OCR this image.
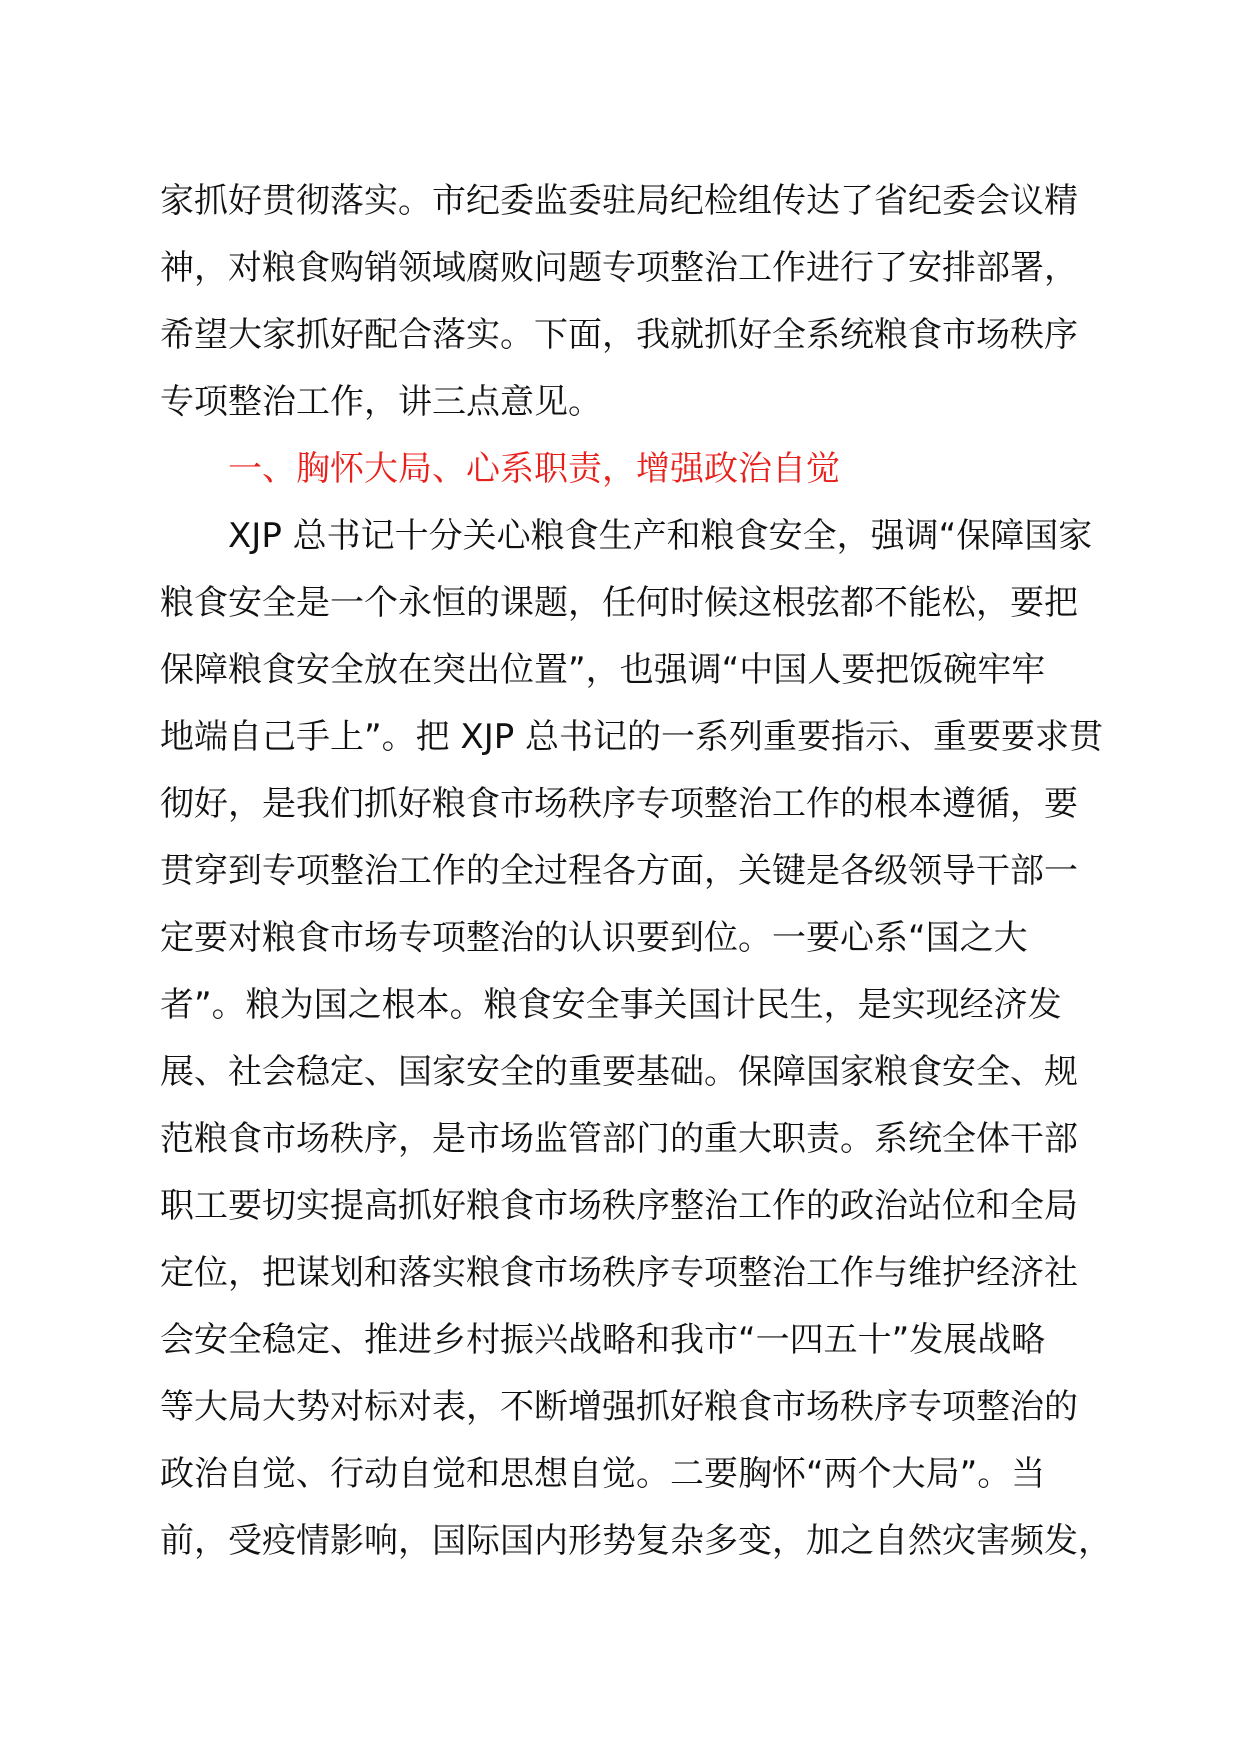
家抓好贯彻落实。市纪委监委驻局纪检组传达了省纪委会议精
神，对粮食购销领域腐败问题专项整治工作进行了安排部署，
希望大家抓好配合落实。下面，我就抓好全系统粮食市场秩序
专项整治工作，讲三点意见。
一、胸怀大局、心系职责，增强政治自觉
XJP 总书记十分关心粮食生产和粮食安全，强调“保障国家
粮食安全是一个永恒的课题，任何时候这根弦都不能松，要把
保障粮食安全放在突出位置”，也强调“中国人要把饭碗牢牢
地端自己手上”。把 XJP 总书记的一系列重要指示、重要要求贯
彻好，是我们抓好粮食市场秩序专项整治工作的根本遵循，要
贯穿到专项整治工作的全过程各方面，关键是各级领导干部一
定要对粮食市场专项整治的认识要到位。一要心系“国之大
者”。粮为国之根本。粮食安全事关国计民生，是实现经济发
展、社会稳定、国家安全的重要基础。保障国家粮食安全、规
范粮食市场秩序，是市场监管部门的重大职责。系统全体干部
职工要切实提高抓好粮食市场秩序整治工作的政治站位和全局
定位，把谋划和落实粮食市场秩序专项整治工作与维护经济社
会安全稳定、推进乡村振兴战略和我市“一四五十”发展战略
等大局大势对标对表，不断增强抓好粮食市场秩序专项整治的
政治自觉、行动自觉和思想自觉。二要胸怀“两个大局”。当
前，受疫情影响，国际国内形势复杂多变，加之自然灾害频发，
